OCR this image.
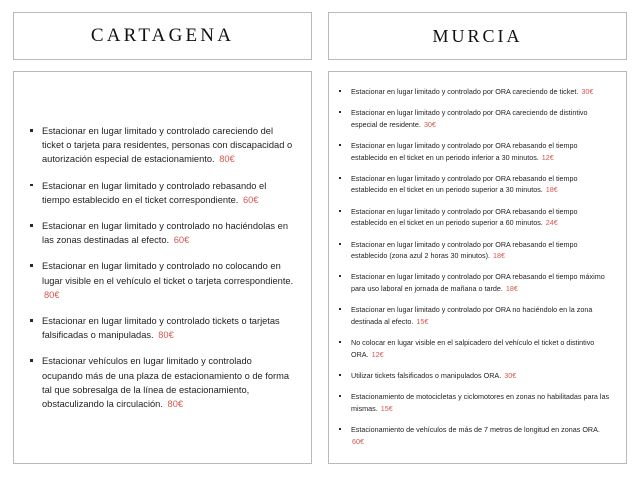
CARTAGENA
Estacionar en lugar limitado y controlado careciendo del ticket o tarjeta para residentes, personas con discapacidad o autorización especial de estacionamiento. 80€
Estacionar en lugar limitado y controlado rebasando el tiempo establecido en el ticket correspondiente. 60€
Estacionar en lugar limitado y controlado no haciéndolas en las zonas destinadas al efecto. 60€
Estacionar en lugar limitado y controlado no colocando en lugar visible en el vehículo el ticket o tarjeta correspondiente. 80€
Estacionar en lugar limitado y controlado tickets o tarjetas falsificadas o manipuladas. 80€
Estacionar vehículos en lugar limitado y controlado ocupando más de una plaza de estacionamiento o de forma tal que sobresalga de la línea de estacionamiento, obstaculizando la circulación. 80€
MURCIA
Estacionar en lugar limitado y controlado por ORA careciendo de ticket. 30€
Estacionar en lugar limitado y controlado por ORA careciendo de distintivo especial de residente. 30€
Estacionar en lugar limitado y controlado por ORA rebasando el tiempo establecido en el ticket en un periodo inferior a 30 minutos. 12€
Estacionar en lugar limitado y controlado por ORA rebasando el tiempo establecido en el ticket en un periodo superior a 30 minutos. 18€
Estacionar en lugar limitado y controlado por ORA rebasando el tiempo establecido en el ticket en un periodo superior a 60 minutos. 24€
Estacionar en lugar limitado y controlado por ORA rebasando el tiempo establecido (zona azul 2 horas 30 minutos). 18€
Estacionar en lugar limitado y controlado por ORA rebasando el tiempo máximo para uso laboral en jornada de mañana o tarde. 18€
Estacionar en lugar limitado y controlado por ORA no haciéndolo en la zona destinada al efecto. 15€
No colocar en lugar visible en el salpicadero del vehículo el ticket o distintivo ORA. 12€
Utilizar tickets falsificados o manipulados ORA. 30€
Estacionamiento de motocicletas y ciclomotores en zonas no habilitadas para las mismas. 15€
Estacionamiento de vehículos de más de 7 metros de longitud en zonas ORA. 60€
